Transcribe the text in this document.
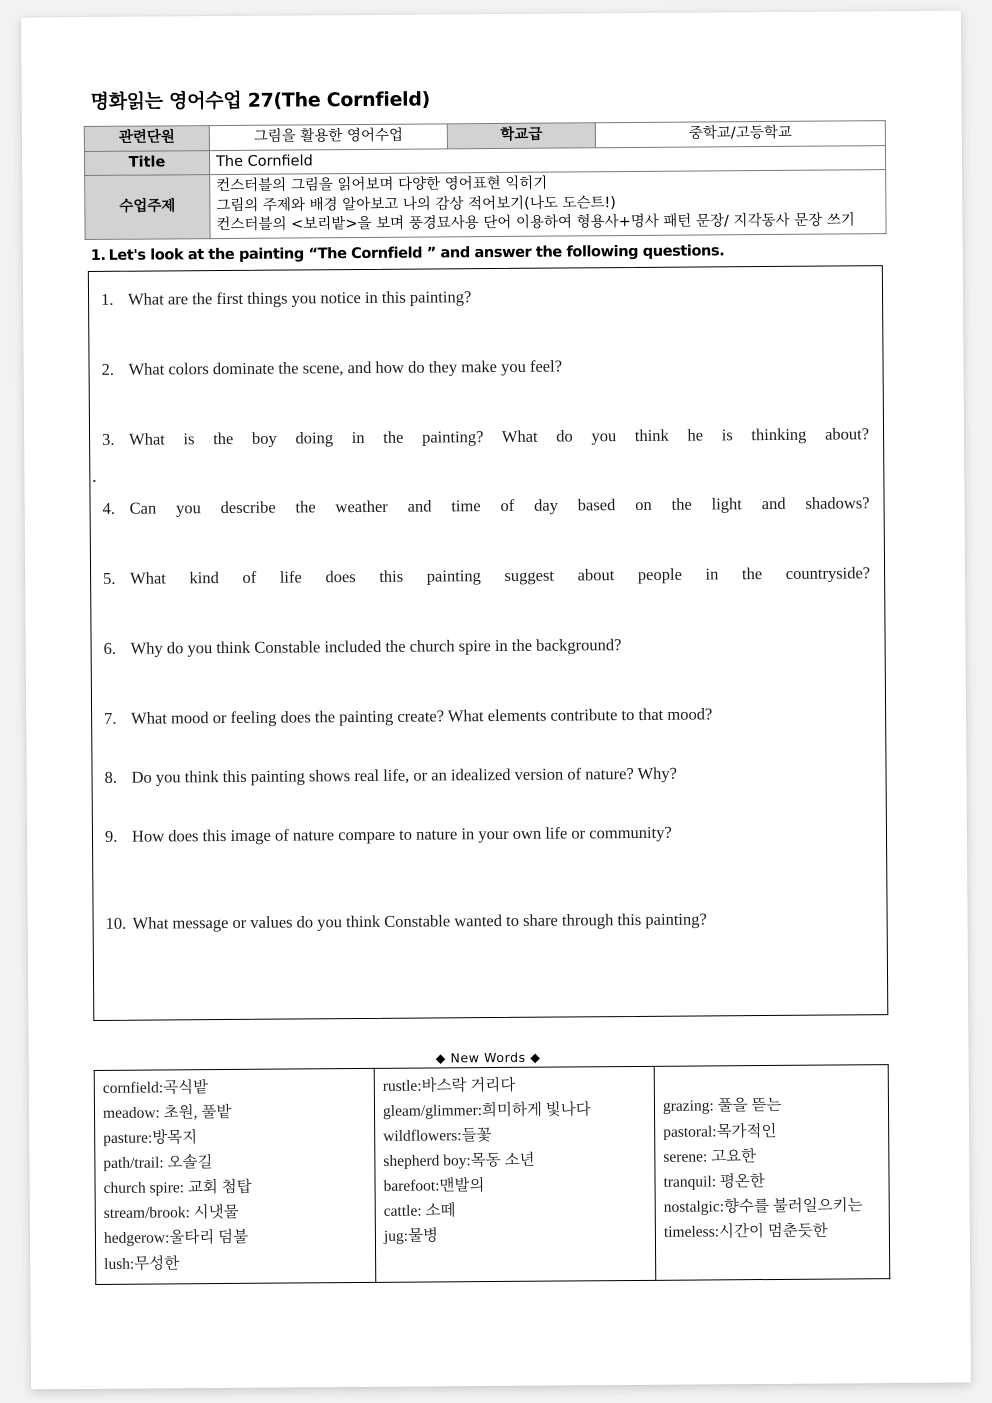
명화읽는 영어수업 27(The Cornfield)
관련단원	그림을 활용한 영어수업	학교급	중학교/고등학교
Title	The Cornfield		
수업주제	컨스터블의 그림을 읽어보며 다양한 영어표현 익히기
그림의 주제와 배경 알아보고 나의 감상 적어보기(나도 도슨트!)
컨스터블의 <보리밭>을 보며 풍경묘사용 단어 이용하여 형용사+명사 패턴 문장/ 지각동사 문장 쓰기		
1. Let's look at the painting “The Cornfield ” and answer the following questions.
1. What are the first things you notice in this painting?
2. What colors dominate the scene, and how do they make you feel?
3. What is the boy doing in the painting? What do you think he is thinking about?
4. Can you describe the weather and time of day based on the light and shadows?
5. What kind of life does this painting suggest about people in the countryside?
6. Why do you think Constable included the church spire in the background?
7. What mood or feeling does the painting create? What elements contribute to that mood?
8. Do you think this painting shows real life, or an idealized version of nature? Why?
9. How does this image of nature compare to nature in your own life or community?
10. What message or values do you think Constable wanted to share through this painting?
◆ New Words ◆
cornfield:곡식밭
meadow: 초원, 풀밭
pasture:방목지
path/trail: 오솔길
church spire: 교회 첨탑
stream/brook: 시냇물
hedgerow:울타리 덤불
lush:무성한

rustle:바스락 거리다
gleam/glimmer:희미하게 빛나다
wildflowers:들꽃
shepherd boy:목동 소년
barefoot:맨발의
cattle: 소떼
jug:물병

grazing: 풀을 뜯는
pastoral:목가적인
serene: 고요한
tranquil: 평온한
nostalgic:향수를 불러일으키는
timeless:시간이 멈춘듯한
